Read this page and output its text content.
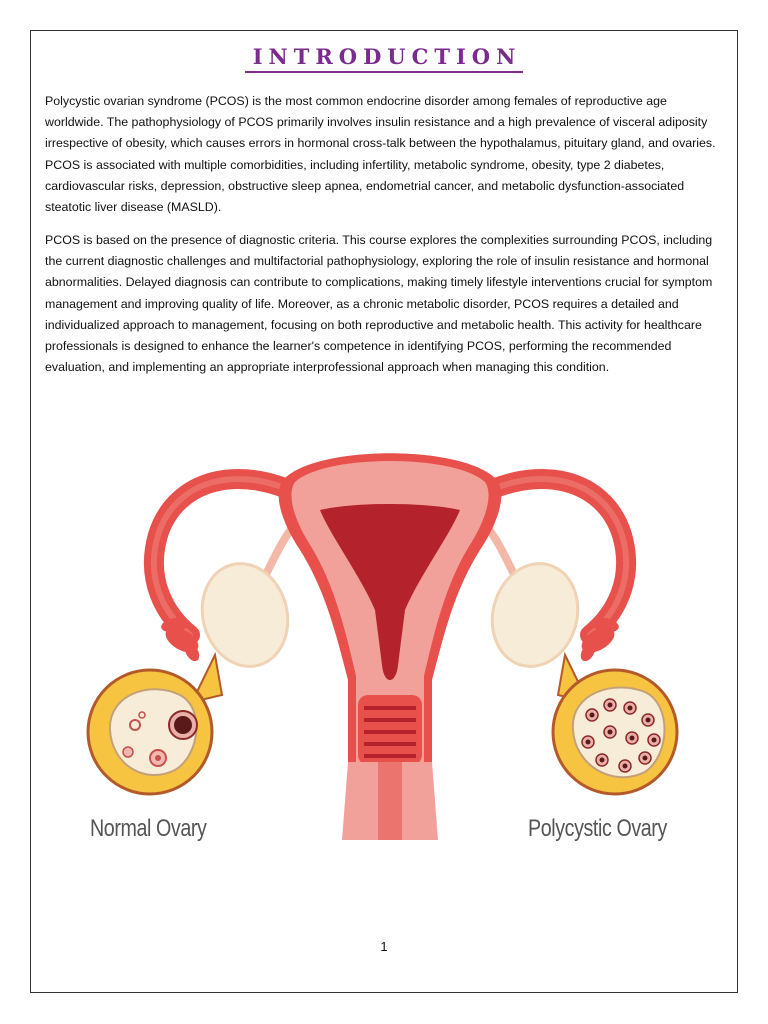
INTRODUCTION

Polycystic ovarian syndrome (PCOS) is the most common endocrine disorder among females of reproductive age worldwide. The pathophysiology of PCOS primarily involves insulin resistance and a high prevalence of visceral adiposity irrespective of obesity, which causes errors in hormonal cross-talk between the hypothalamus, pituitary gland, and ovaries. PCOS is associated with multiple comorbidities, including infertility, metabolic syndrome, obesity, type 2 diabetes, cardiovascular risks, depression, obstructive sleep apnea, endometrial cancer, and metabolic dysfunction-associated steatotic liver disease (MASLD).

PCOS is based on the presence of diagnostic criteria. This course explores the complexities surrounding PCOS, including the current diagnostic challenges and multifactorial pathophysiology, exploring the role of insulin resistance and hormonal abnormalities. Delayed diagnosis can contribute to complications, making timely lifestyle interventions crucial for symptom management and improving quality of life. Moreover, as a chronic metabolic disorder, PCOS requires a detailed and individualized approach to management, focusing on both reproductive and metabolic health. This activity for healthcare professionals is designed to enhance the learner's competence in identifying PCOS, performing the recommended evaluation, and implementing an appropriate interprofessional approach when managing this condition.

Normal Ovary	Polycystic Ovary
1
